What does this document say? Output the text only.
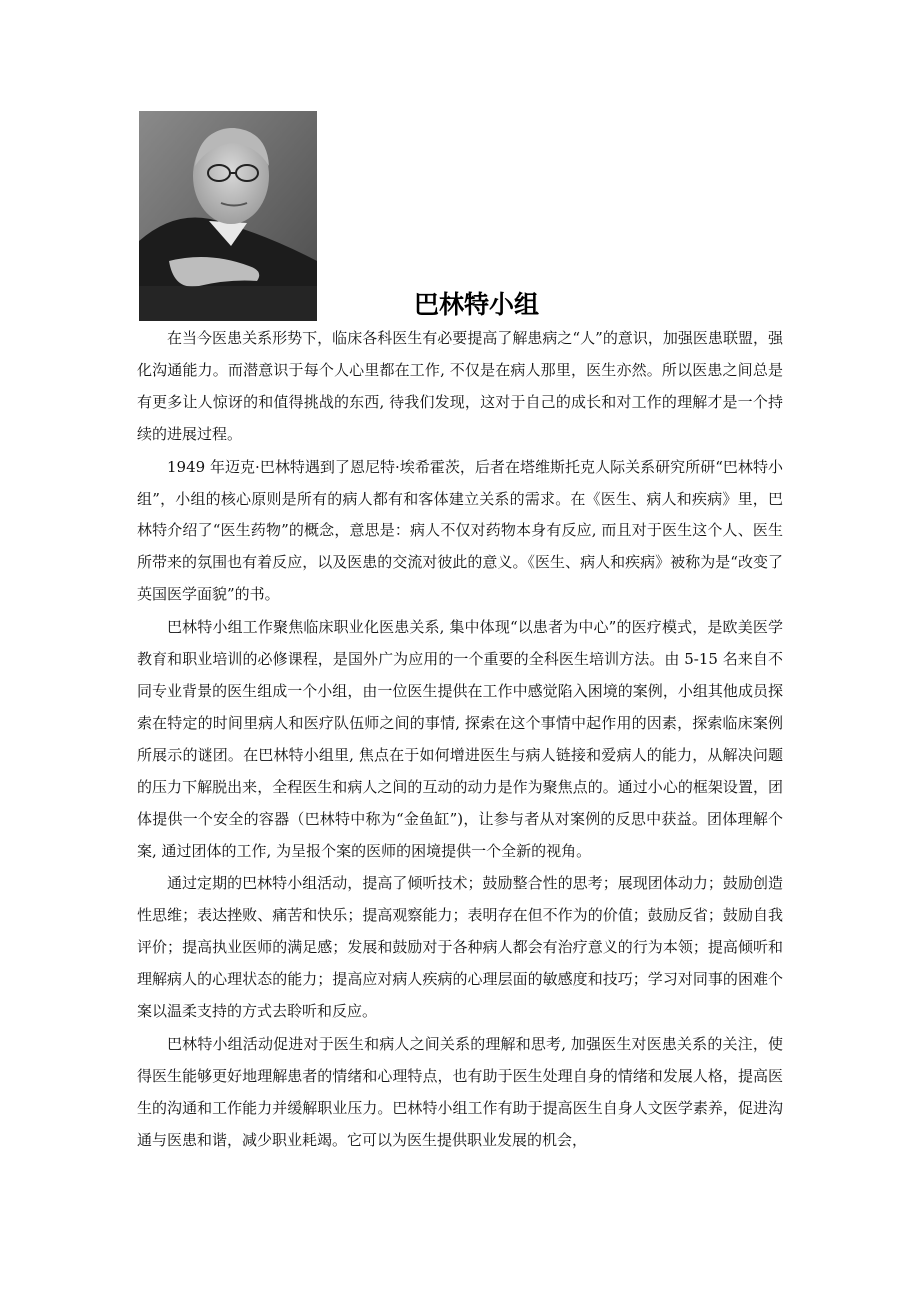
巴林特小组

在当今医患关系形势下，临床各科医生有必要提高了解患病之“人”的意识，加强医患联盟，强化沟通能力。而潜意识于每个人心里都在工作, 不仅是在病人那里，医生亦然。所以医患之间总是有更多让人惊讶的和值得挑战的东西, 待我们发现，这对于自己的成长和对工作的理解才是一个持续的进展过程。

1949 年迈克·巴林特遇到了恩尼特·埃希霍茨，后者在塔维斯托克人际关系研究所研“巴林特小组”，小组的核心原则是所有的病人都有和客体建立关系的需求。在《医生、病人和疾病》里，巴林特介绍了“医生药物”的概念，意思是：病人不仅对药物本身有反应, 而且对于医生这个人、医生所带来的氛围也有着反应，以及医患的交流对彼此的意义。《医生、病人和疾病》被称为是“改变了英国医学面貌”的书。

巴林特小组工作聚焦临床职业化医患关系, 集中体现“以患者为中心”的医疗模式，是欧美医学教育和职业培训的必修课程，是国外广为应用的一个重要的全科医生培训方法。由 5-15 名来自不同专业背景的医生组成一个小组，由一位医生提供在工作中感觉陷入困境的案例，小组其他成员探索在特定的时间里病人和医疗队伍师之间的事情, 探索在这个事情中起作用的因素，探索临床案例所展示的谜团。在巴林特小组里, 焦点在于如何增进医生与病人链接和爱病人的能力，从解决问题的压力下解脱出来，全程医生和病人之间的互动的动力是作为聚焦点的。通过小心的框架设置，团体提供一个安全的容器（巴林特中称为“金鱼缸”)，让参与者从对案例的反思中获益。团体理解个案, 通过团体的工作, 为呈报个案的医师的困境提供一个全新的视角。

通过定期的巴林特小组活动，提高了倾听技术；鼓励整合性的思考；展现团体动力；鼓励创造性思维；表达挫败、痛苦和快乐；提高观察能力；表明存在但不作为的价值；鼓励反省；鼓励自我评价；提高执业医师的满足感；发展和鼓励对于各种病人都会有治疗意义的行为本领；提高倾听和理解病人的心理状态的能力；提高应对病人疾病的心理层面的敏感度和技巧；学习对同事的困难个案以温柔支持的方式去聆听和反应。

巴林特小组活动促进对于医生和病人之间关系的理解和思考, 加强医生对医患关系的关注，使得医生能够更好地理解患者的情绪和心理特点，也有助于医生处理自身的情绪和发展人格，提高医生的沟通和工作能力并缓解职业压力。巴林特小组工作有助于提高医生自身人文医学素养，促进沟通与医患和谐，减少职业耗竭。它可以为医生提供职业发展的机会，
